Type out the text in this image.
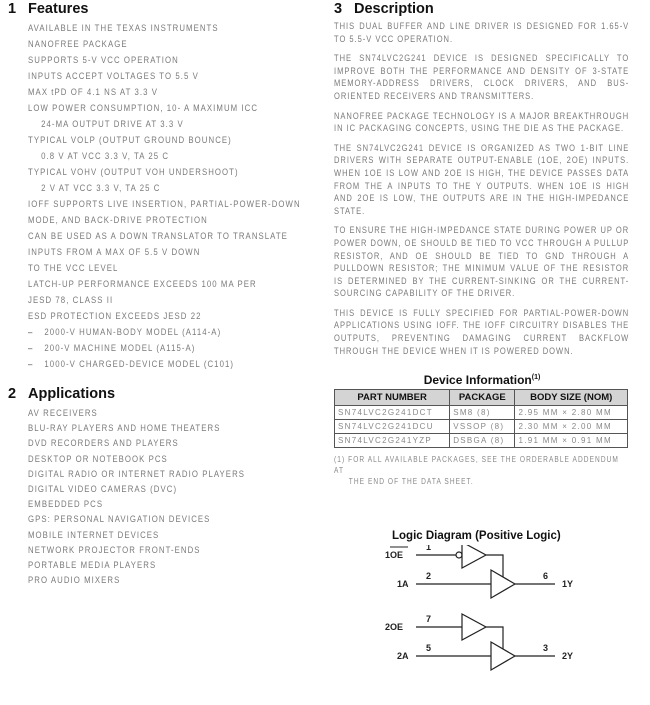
1 Features
AVAILABLE IN THE TEXAS INSTRUMENTS
NANOFREE PACKAGE
SUPPORTS 5-V VCC OPERATION
INPUTS ACCEPT VOLTAGES TO 5.5 V
MAX tPD OF 4.1 NS AT 3.3 V
LOW POWER CONSUMPTION, 10- A MAXIMUM ICC
24-MA OUTPUT DRIVE AT 3.3 V
TYPICAL VOLP (OUTPUT GROUND BOUNCE)
0.8 V AT VCC 3.3 V, TA 25 C
TYPICAL VOHV (OUTPUT VOH UNDERSHOOT)
2 V AT VCC 3.3 V, TA 25 C
IOFF SUPPORTS LIVE INSERTION, PARTIAL-POWER-DOWN
MODE, AND BACK-DRIVE PROTECTION
CAN BE USED AS A DOWN TRANSLATOR TO TRANSLATE
INPUTS FROM A MAX OF 5.5 V DOWN
TO THE VCC LEVEL
LATCH-UP PERFORMANCE EXCEEDS 100 MA PER
JESD 78, CLASS II
ESD PROTECTION EXCEEDS JESD 22
– 2000-V HUMAN-BODY MODEL (A114-A)
– 200-V MACHINE MODEL (A115-A)
– 1000-V CHARGED-DEVICE MODEL (C101)
2 Applications
AV RECEIVERS
BLU-RAY PLAYERS AND HOME THEATERS
DVD RECORDERS AND PLAYERS
DESKTOP OR NOTEBOOK PCS
DIGITAL RADIO OR INTERNET RADIO PLAYERS
DIGITAL VIDEO CAMERAS (DVC)
EMBEDDED PCS
GPS: PERSONAL NAVIGATION DEVICES
MOBILE INTERNET DEVICES
NETWORK PROJECTOR FRONT-ENDS
PORTABLE MEDIA PLAYERS
PRO AUDIO MIXERS
3 Description

THIS DUAL BUFFER AND LINE DRIVER IS DESIGNED FOR 1.65-V TO 5.5-V VCC OPERATION.

THE SN74LVC2G241 DEVICE IS DESIGNED SPECIFICALLY TO IMPROVE BOTH THE PERFORMANCE AND DENSITY OF 3-STATE MEMORY-ADDRESS DRIVERS, CLOCK DRIVERS, AND BUS-ORIENTED RECEIVERS AND TRANSMITTERS.

NANOFREE PACKAGE TECHNOLOGY IS A MAJOR BREAKTHROUGH IN IC PACKAGING CONCEPTS, USING THE DIE AS THE PACKAGE.

THE SN74LVC2G241 DEVICE IS ORGANIZED AS TWO 1-BIT LINE DRIVERS WITH SEPARATE OUTPUT-ENABLE (1OE, 2OE) INPUTS. WHEN 1OE IS LOW AND 2OE IS HIGH, THE DEVICE PASSES DATA FROM THE A INPUTS TO THE Y OUTPUTS. WHEN 1OE IS HIGH AND 2OE IS LOW, THE OUTPUTS ARE IN THE HIGH-IMPEDANCE STATE.

TO ENSURE THE HIGH-IMPEDANCE STATE DURING POWER UP OR POWER DOWN, OE SHOULD BE TIED TO VCC THROUGH A PULLUP RESISTOR, AND OE SHOULD BE TIED TO GND THROUGH A PULLDOWN RESISTOR; THE MINIMUM VALUE OF THE RESISTOR IS DETERMINED BY THE CURRENT-SINKING OR THE CURRENT-SOURCING CAPABILITY OF THE DRIVER.

THIS DEVICE IS FULLY SPECIFIED FOR PARTIAL-POWER-DOWN APPLICATIONS USING IOFF. THE IOFF CIRCUITRY DISABLES THE OUTPUTS, PREVENTING DAMAGING CURRENT BACKFLOW THROUGH THE DEVICE WHEN IT IS POWERED DOWN.

Device Information$^{(1)}$
PART NUMBER	PACKAGE	BODY SIZE (NOM)
SN74LVC2G241DCT	SM8 (8)	2.95 MM × 2.80 MM
SN74LVC2G241DCU	VSSOP (8)	2.30 MM × 2.00 MM
SN74LVC2G241YZP	DSBGA (8)	1.91 MM × 0.91 MM
(1) FOR ALL AVAILABLE PACKAGES, SEE THE ORDERABLE ADDENDUM AT
THE END OF THE DATA SHEET.
Logic Diagram (Positive Logic)
1OE
1
1A
2	6
1Y
2OE
7
2A
5	3
2Y
